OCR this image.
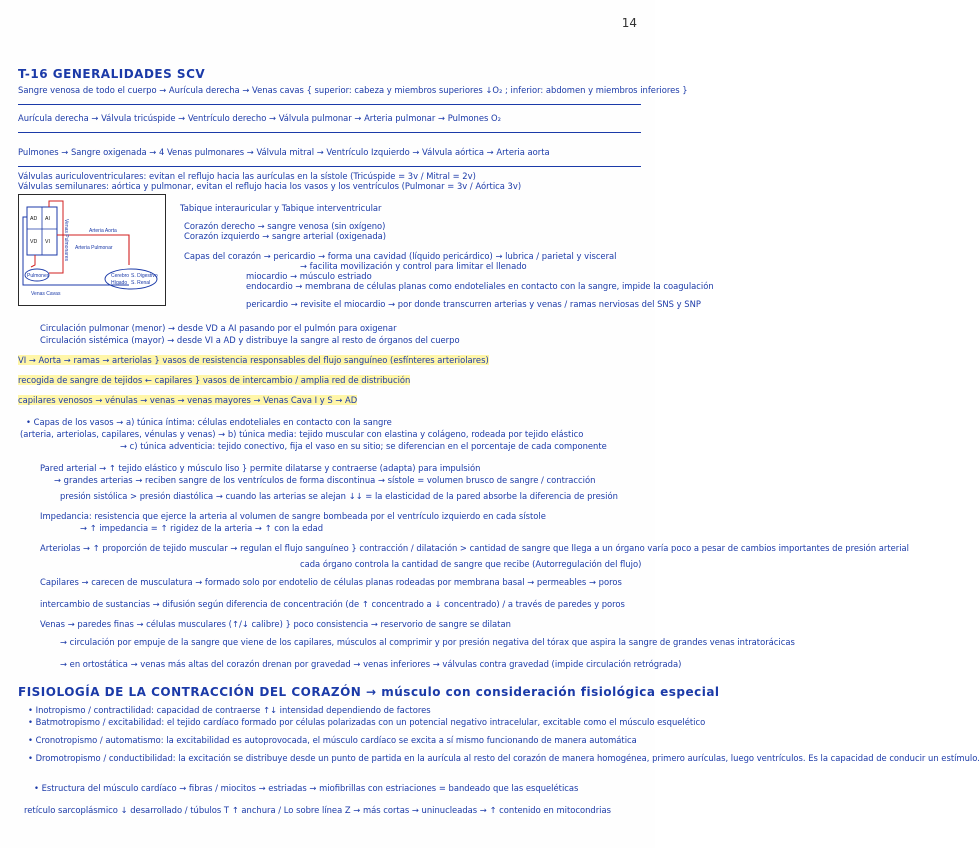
14
T-16 GENERALIDADES SCV
Sangre venosa de todo el cuerpo → Aurícula derecha → Venas cavas { superior: cabeza y miembros superiores ↓O₂ ; inferior: abdomen y miembros inferiores }
Aurícula derecha → Válvula tricúspide → Ventrículo derecho → Válvula pulmonar → Arteria pulmonar → Pulmones O₂
Pulmones → Sangre oxigenada → 4 Venas pulmonares → Válvula mitral → Ventrículo Izquierdo → Válvula aórtica → Arteria aorta
Válvulas auriculoventriculares: evitan el reflujo hacia las aurículas en la sístole (Tricúspide = 3v / Mitral = 2v)
Válvulas semilunares: aórtica y pulmonar, evitan el reflujo hacia los vasos y los ventrículos (Pulmonar = 3v / Aórtica 3v)
AD AI
VD VI
Arteria Aorta
Pulmones
Venas Pulmonares
Venas Cavas
Cerebro
Hígado
S. Digestivo
S. Renal
Arteria Pulmonar
Tabique interauricular y Tabique interventricular
Corazón derecho → sangre venosa (sin oxígeno)
Corazón izquierdo → sangre arterial (oxigenada)
Capas del corazón → pericardio → forma una cavidad (líquido pericárdico) → lubrica / parietal y visceral
→ facilita movilización y control para limitar el llenado
miocardio → músculo estriado
endocardio → membrana de células planas como endoteliales en contacto con la sangre, impide la coagulación
pericardio → revisite el miocardio → por donde transcurren arterias y venas / ramas nerviosas del SNS y SNP
Circulación pulmonar (menor) → desde VD a AI pasando por el pulmón para oxigenar
Circulación sistémica (mayor) → desde VI a AD y distribuye la sangre al resto de órganos del cuerpo
VI → Aorta → ramas → arteriolas } vasos de resistencia responsables del flujo sanguíneo (esfínteres arteriolares)
recogida de sangre de tejidos ← capilares } vasos de intercambio / amplia red de distribución
capilares venosos → vénulas → venas → venas mayores → Venas Cava I y S → AD
• Capas de los vasos → a) túnica íntima: células endoteliales en contacto con la sangre
(arteria, arteriolas, capilares, vénulas y venas) → b) túnica media: tejido muscular con elastina y colágeno, rodeada por tejido elástico
→ c) túnica adventicia: tejido conectivo, fija el vaso en su sitio; se diferencian en el porcentaje de cada componente
Pared arterial → ↑ tejido elástico y músculo liso } permite dilatarse y contraerse (adapta) para impulsión
→ grandes arterias → reciben sangre de los ventrículos de forma discontinua → sístole = volumen brusco de sangre / contracción
presión sistólica > presión diastólica → cuando las arterias se alejan ↓↓ = la elasticidad de la pared absorbe la diferencia de presión
Impedancia: resistencia que ejerce la arteria al volumen de sangre bombeada por el ventrículo izquierdo en cada sístole
→ ↑ impedancia = ↑ rigidez de la arteria → ↑ con la edad
Arteriolas → ↑ proporción de tejido muscular → regulan el flujo sanguíneo } contracción / dilatación > cantidad de sangre que llega a un órgano varía poco a pesar de cambios importantes de presión arterial
cada órgano controla la cantidad de sangre que recibe (Autorregulación del flujo)
Capilares → carecen de musculatura → formado solo por endotelio de células planas rodeadas por membrana basal → permeables → poros
intercambio de sustancias → difusión según diferencia de concentración (de ↑ concentrado a ↓ concentrado) / a través de paredes y poros
Venas → paredes finas → células musculares (↑/↓ calibre) } poco consistencia → reservorio de sangre se dilatan
→ circulación por empuje de la sangre que viene de los capilares, músculos al comprimir y por presión negativa del tórax que aspira la sangre de grandes venas intratorácicas
→ en ortostática → venas más altas del corazón drenan por gravedad → venas inferiores → válvulas contra gravedad (impide circulación retrógrada)
FISIOLOGÍA DE LA CONTRACCIÓN DEL CORAZÓN → músculo con consideración fisiológica especial
• Inotropismo / contractilidad: capacidad de contraerse ↑↓ intensidad dependiendo de factores
• Batmotropismo / excitabilidad: el tejido cardíaco formado por células polarizadas con un potencial negativo intracelular, excitable como el músculo esquelético
• Cronotropismo / automatismo: la excitabilidad es autoprovocada, el músculo cardíaco se excita a sí mismo funcionando de manera automática
• Dromotropismo / conductibilidad: la excitación se distribuye desde un punto de partida en la aurícula al resto del corazón de manera homogénea, primero aurículas, luego ventrículos. Es la capacidad de conducir un estímulo.
• Estructura del músculo cardíaco → fibras / miocitos → estriadas → miofibrillas con estriaciones = bandeado que las esqueléticas
retículo sarcoplásmico ↓ desarrollado / túbulos T ↑ anchura / Lo sobre línea Z → más cortas → uninucleadas → ↑ contenido en mitocondrias
